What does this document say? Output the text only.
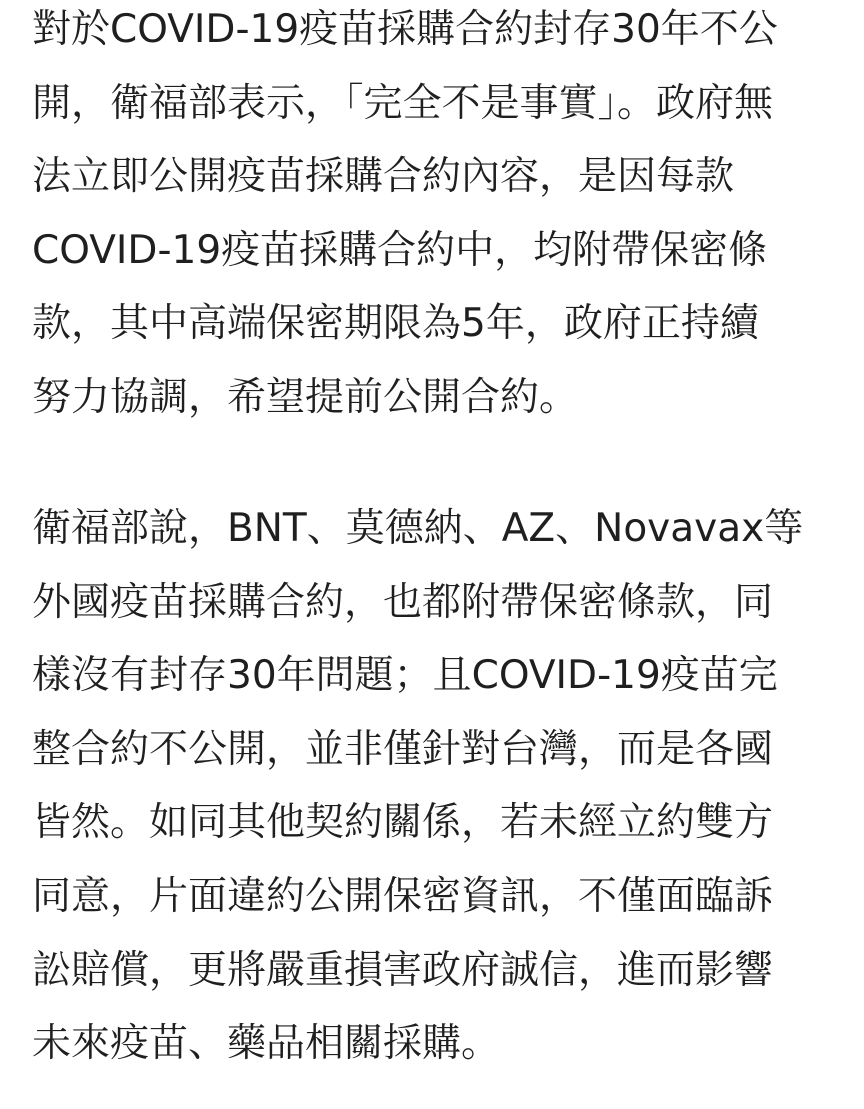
對於COVID-19疫苗採購合約封存30年不公
開，衛福部表示，「完全不是事實」。政府無
法立即公開疫苗採購合約內容，是因每款
COVID-19疫苗採購合約中，均附帶保密條
款，其中高端保密期限為5年，政府正持續
努力協調，希望提前公開合約。
衛福部說，BNT、莫德納、AZ、Novavax等
外國疫苗採購合約，也都附帶保密條款，同
樣沒有封存30年問題；且COVID-19疫苗完
整合約不公開，並非僅針對台灣，而是各國
皆然。如同其他契約關係，若未經立約雙方
同意，片面違約公開保密資訊，不僅面臨訴
訟賠償，更將嚴重損害政府誠信，進而影響
未來疫苗、藥品相關採購。
